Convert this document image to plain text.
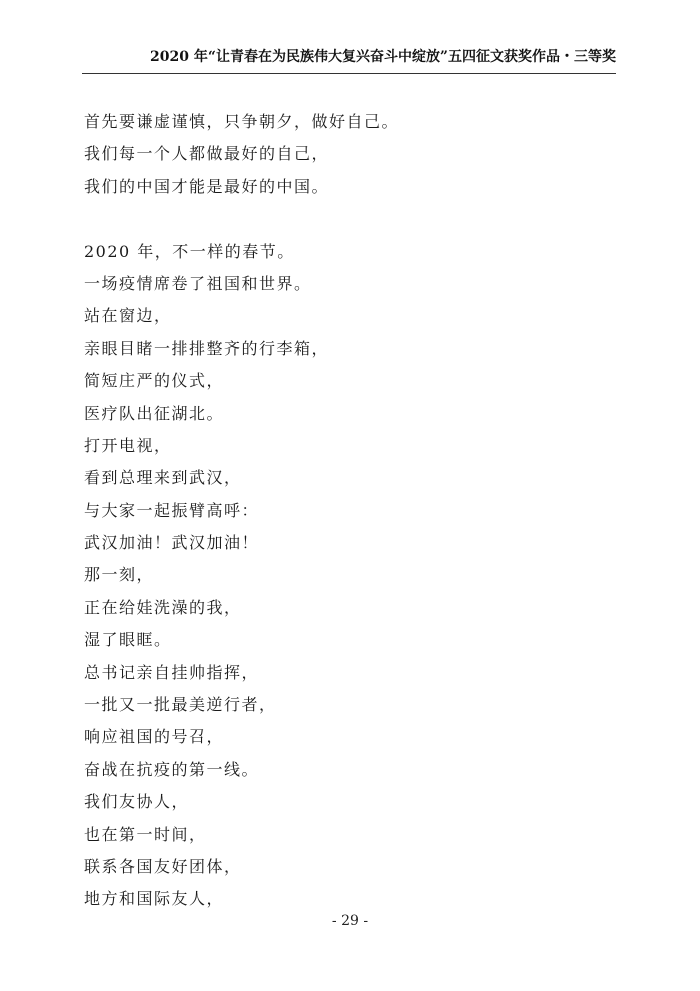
2020 年“让青春在为民族伟大复兴奋斗中绽放”五四征文获奖作品・三等奖
首先要谦虚谨慎，只争朝夕，做好自己。
我们每一个人都做最好的自己，
我们的中国才能是最好的中国。
2020 年，不一样的春节。
一场疫情席卷了祖国和世界。
站在窗边，
亲眼目睹一排排整齐的行李箱，
简短庄严的仪式，
医疗队出征湖北。
打开电视，
看到总理来到武汉，
与大家一起振臂高呼：
武汉加油！武汉加油！
那一刻，
正在给娃洗澡的我，
湿了眼眶。
总书记亲自挂帅指挥，
一批又一批最美逆行者，
响应祖国的号召，
奋战在抗疫的第一线。
我们友协人，
也在第一时间，
联系各国友好团体，
地方和国际友人，
- 29 -
